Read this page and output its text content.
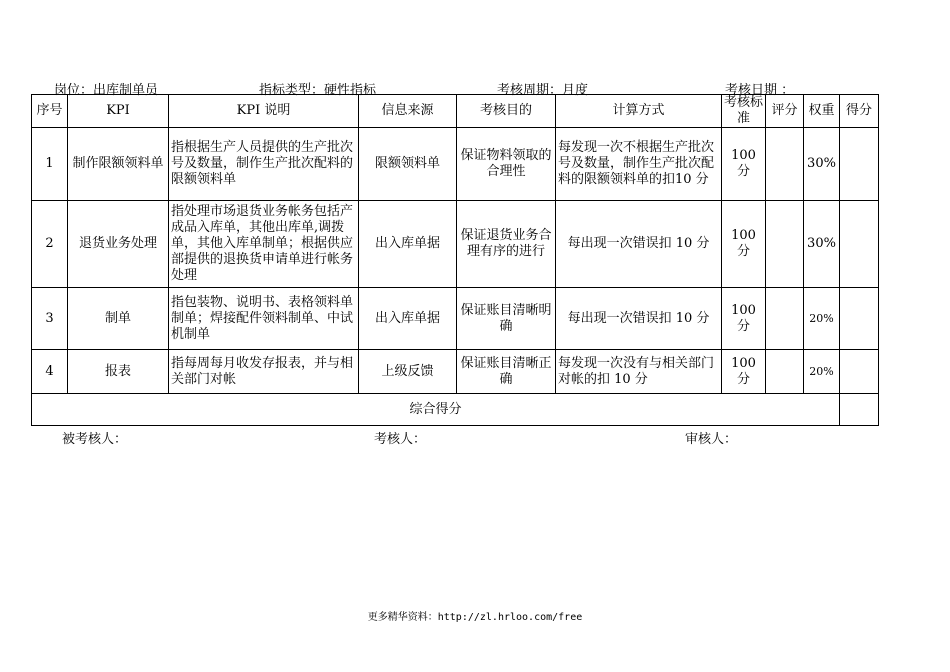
岗位：出库制单员	指标类型：硬性指标	考核周期：月度	考核日期 ：
序号	KPI	KPI 说明	信息来源	考核目的	计算方式	考核标准	评分	权重	得分
1	制作限额领料单	指根据生产人员提供的生产批次号及数量，制作生产批次配料的限额领料单	限额领料单	保证物料领取的合理性	每发现一次不根据生产批次号及数量，制作生产批次配料的限额领料单的扣10 分	100 分		30%	
2	退货业务处理	指处理市场退货业务帐务包括产成品入库单，其他出库单,调拨单，其他入库单制单；根据供应部提供的退换货申请单进行帐务处理	出入库单据	保证退货业务合理有序的进行	每出现一次错误扣 10 分	100 分		30%	
3	制单	指包装物、说明书、表格领料单制单；焊接配件领料制单、中试机制单	出入库单据	保证账目清晰明确	每出现一次错误扣 10 分	100 分		20%	
4	报表	指每周每月收发存报表，并与相关部门对帐	上级反馈	保证账目清晰正确	每发现一次没有与相关部门对帐的扣 10 分	100 分		20%	
综合得分									
被考核人：	考核人：	审核人：
更多精华资料：http://zl.hrloo.com/free
